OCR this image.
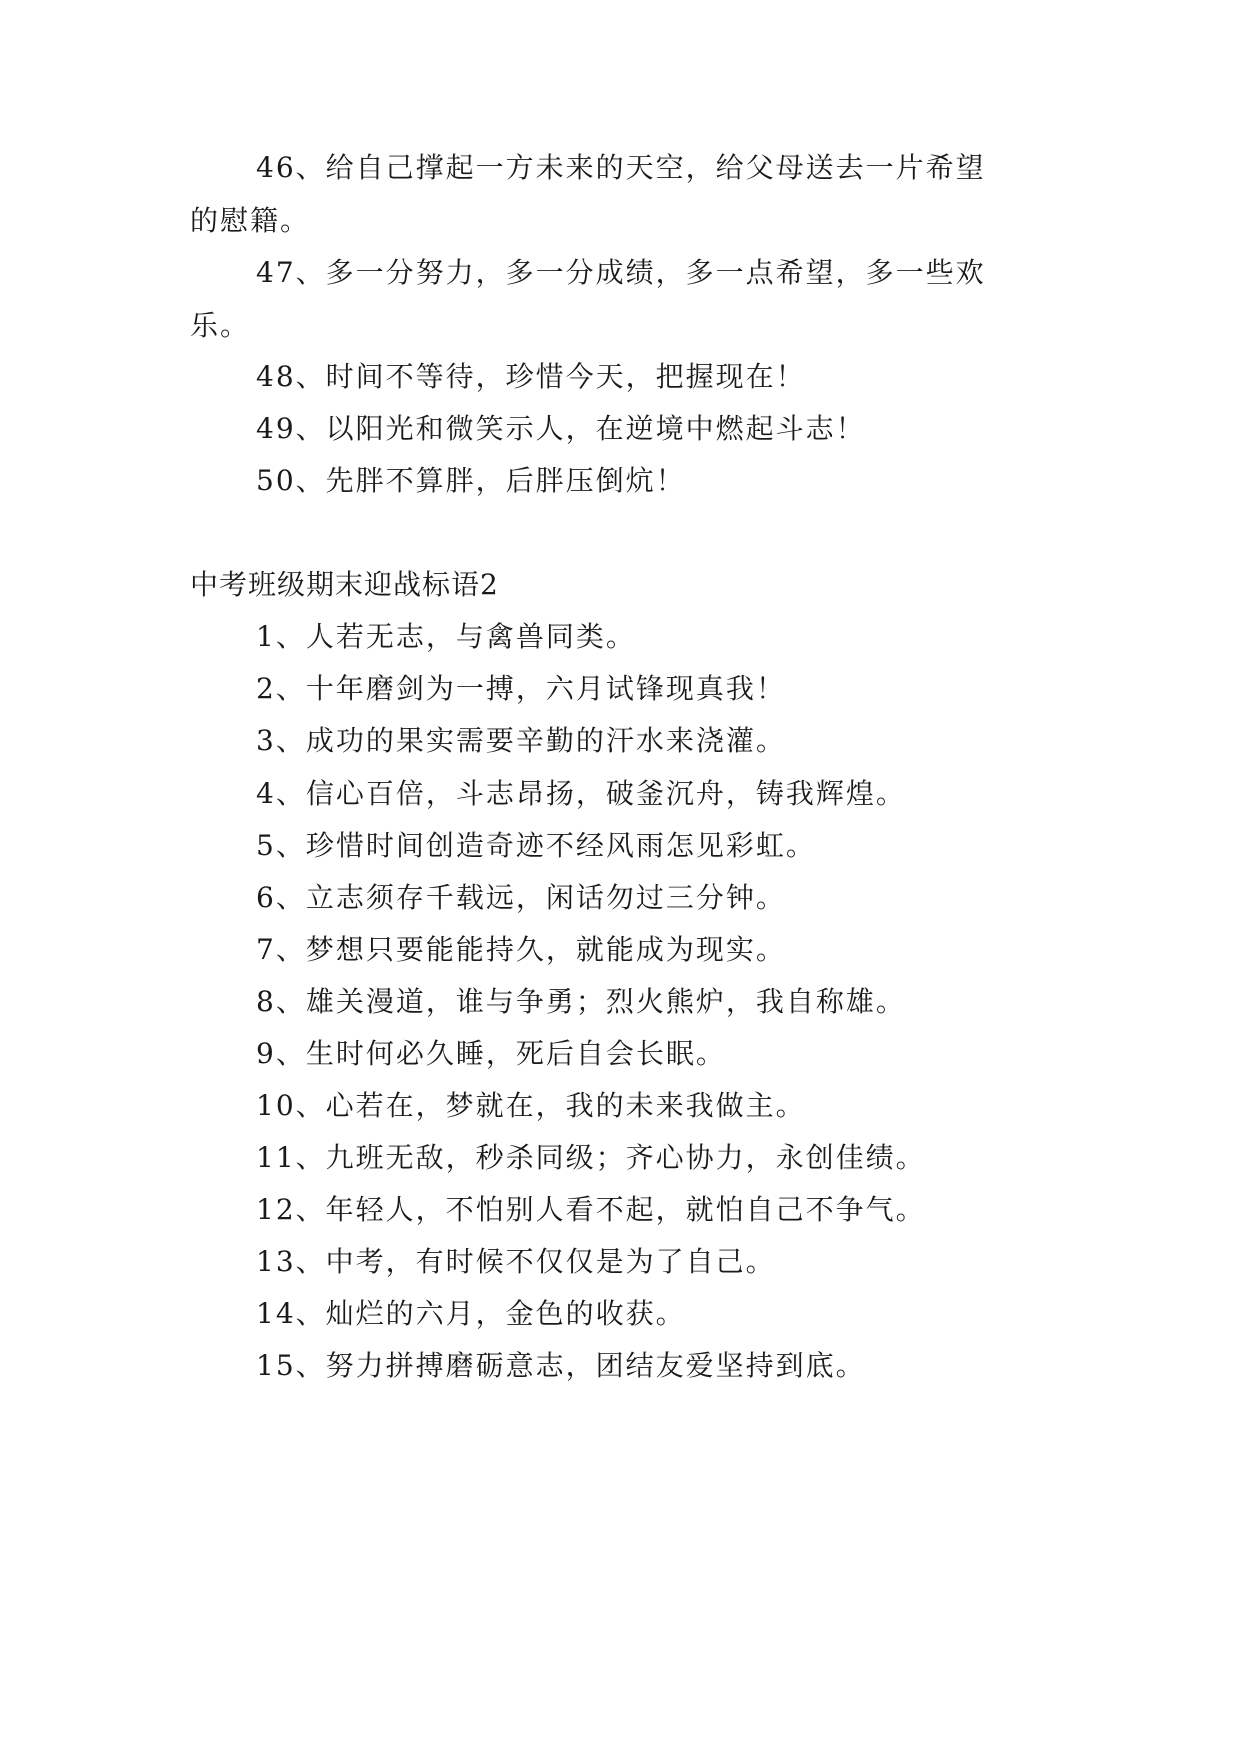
46、给自己撑起一方未来的天空，给父母送去一片希望
的慰籍。
47、多一分努力，多一分成绩，多一点希望，多一些欢
乐。
48、时间不等待，珍惜今天，把握现在！
49、以阳光和微笑示人，在逆境中燃起斗志！
50、先胖不算胖，后胖压倒炕！
中考班级期末迎战标语2
1、人若无志，与禽兽同类。
2、十年磨剑为一搏，六月试锋现真我！
3、成功的果实需要辛勤的汗水来浇灌。
4、信心百倍，斗志昂扬，破釜沉舟，铸我辉煌。
5、珍惜时间创造奇迹不经风雨怎见彩虹。
6、立志须存千载远，闲话勿过三分钟。
7、梦想只要能能持久，就能成为现实。
8、雄关漫道，谁与争勇；烈火熊炉，我自称雄。
9、生时何必久睡，死后自会长眠。
10、心若在，梦就在，我的未来我做主。
11、九班无敌，秒杀同级；齐心协力，永创佳绩。
12、年轻人，不怕别人看不起，就怕自己不争气。
13、中考，有时候不仅仅是为了自己。
14、灿烂的六月，金色的收获。
15、努力拼搏磨砺意志，团结友爱坚持到底。
